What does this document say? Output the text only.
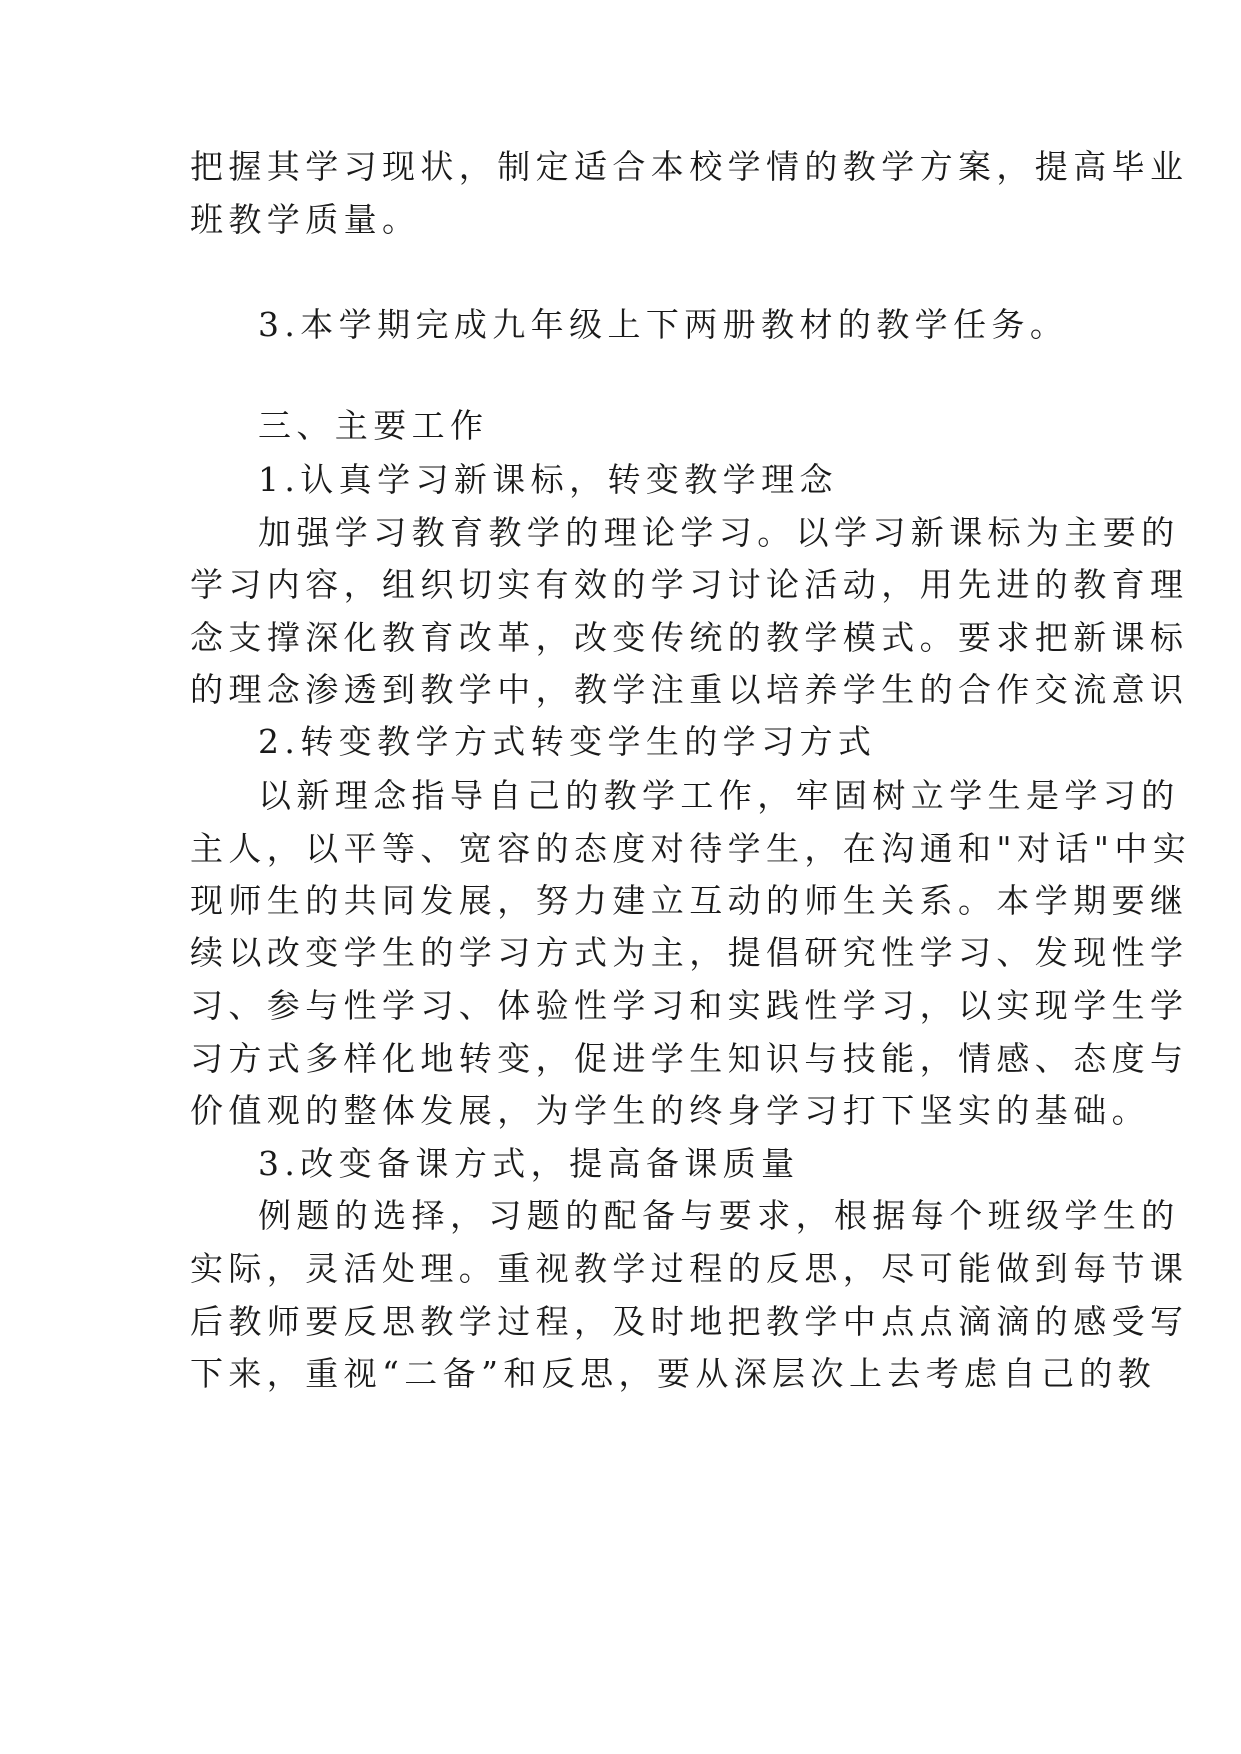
把握其学习现状，制定适合本校学情的教学方案，提高毕业
班教学质量。
3.本学期完成九年级上下两册教材的教学任务。
三、主要工作
1.认真学习新课标，转变教学理念
加强学习教育教学的理论学习。以学习新课标为主要的
学习内容，组织切实有效的学习讨论活动，用先进的教育理
念支撑深化教育改革，改变传统的教学模式。要求把新课标
的理念渗透到教学中，教学注重以培养学生的合作交流意识
2.转变教学方式转变学生的学习方式
以新理念指导自己的教学工作，牢固树立学生是学习的
主人，以平等、宽容的态度对待学生，在沟通和"对话"中实
现师生的共同发展，努力建立互动的师生关系。本学期要继
续以改变学生的学习方式为主，提倡研究性学习、发现性学
习、参与性学习、体验性学习和实践性学习，以实现学生学
习方式多样化地转变，促进学生知识与技能，情感、态度与
价值观的整体发展，为学生的终身学习打下坚实的基础。
3.改变备课方式，提高备课质量
例题的选择，习题的配备与要求，根据每个班级学生的
实际，灵活处理。重视教学过程的反思，尽可能做到每节课
后教师要反思教学过程，及时地把教学中点点滴滴的感受写
下来，重视“二备”和反思，要从深层次上去考虑自己的教
